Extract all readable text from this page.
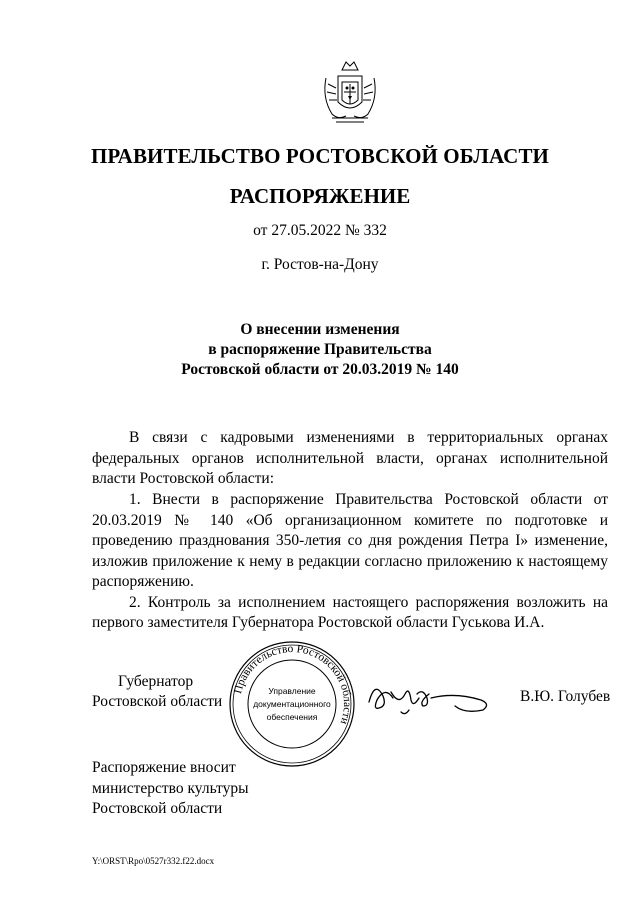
ПРАВИТЕЛЬСТВО РОСТОВСКОЙ ОБЛАСТИ
РАСПОРЯЖЕНИЕ
от 27.05.2022 № 332
г. Ростов-на-Дону
О внесении изменения
в распоряжение Правительства
Ростовской области от 20.03.2019 № 140

В связи с кадровыми изменениями в территориальных органах федеральных органов исполнительной власти, органах исполнительной власти Ростовской области:

1. Внести в распоряжение Правительства Ростовской области от 20.03.2019 № 140 «Об организационном комитете по подготовке и проведению празднования 350-летия со дня рождения Петра I» изменение, изложив приложение к нему в редакции согласно приложению к настоящему распоряжению.

2. Контроль за исполнением настоящего распоряжения возложить на первого заместителя Губернатора Ростовской области Гуськова И.А.

Губернатор
Ростовской области
Правительство Ростовской области
Управление
документационного
обеспечения
В.Ю. Голубев
Распоряжение вносит
министерство культуры
Ростовской области
Y:\ORST\Rpo\0527r332.f22.docx
